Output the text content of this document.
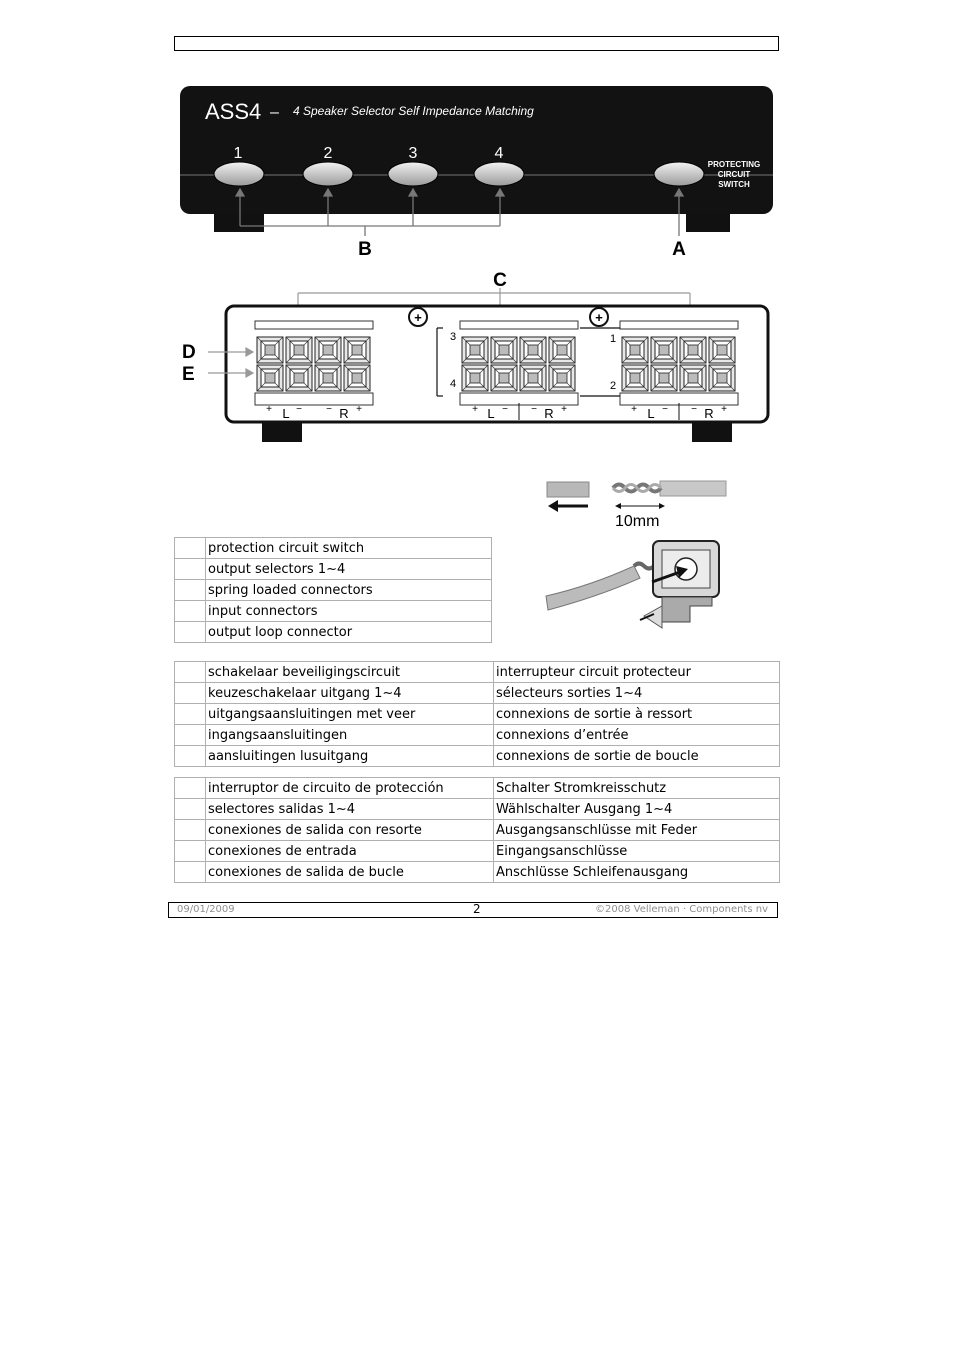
ASS4 – 4 Speaker Selector Self Impedance Matching
1	2	3	4
PROTECTING
CIRCUIT
SWITCH
B	A
C
+	+
3
4
1
2
+ L − − R +	+ L − − R +	+ L − − R +
D
E
10mm
	protection circuit switch
	output selectors 1~4
	spring loaded connectors
	input connectors
	output loop connector
	schakelaar beveiligingscircuit	interrupteur circuit protecteur
	keuzeschakelaar uitgang 1~4	sélecteurs sorties 1~4
	uitgangsaansluitingen met veer	connexions de sortie à ressort
	ingangsaansluitingen	connexions d’entrée
	aansluitingen lusuitgang	connexions de sortie de boucle
	interruptor de circuito de protección	Schalter Stromkreisschutz
	selectores salidas 1~4	Wählschalter Ausgang 1~4
	conexiones de salida con resorte	Ausgangsanschlüsse mit Feder
	conexiones de entrada	Eingangsanschlüsse
	conexiones de salida de bucle	Anschlüsse Schleifenausgang
09/01/2009	2	©2008 Velleman · Components nv
